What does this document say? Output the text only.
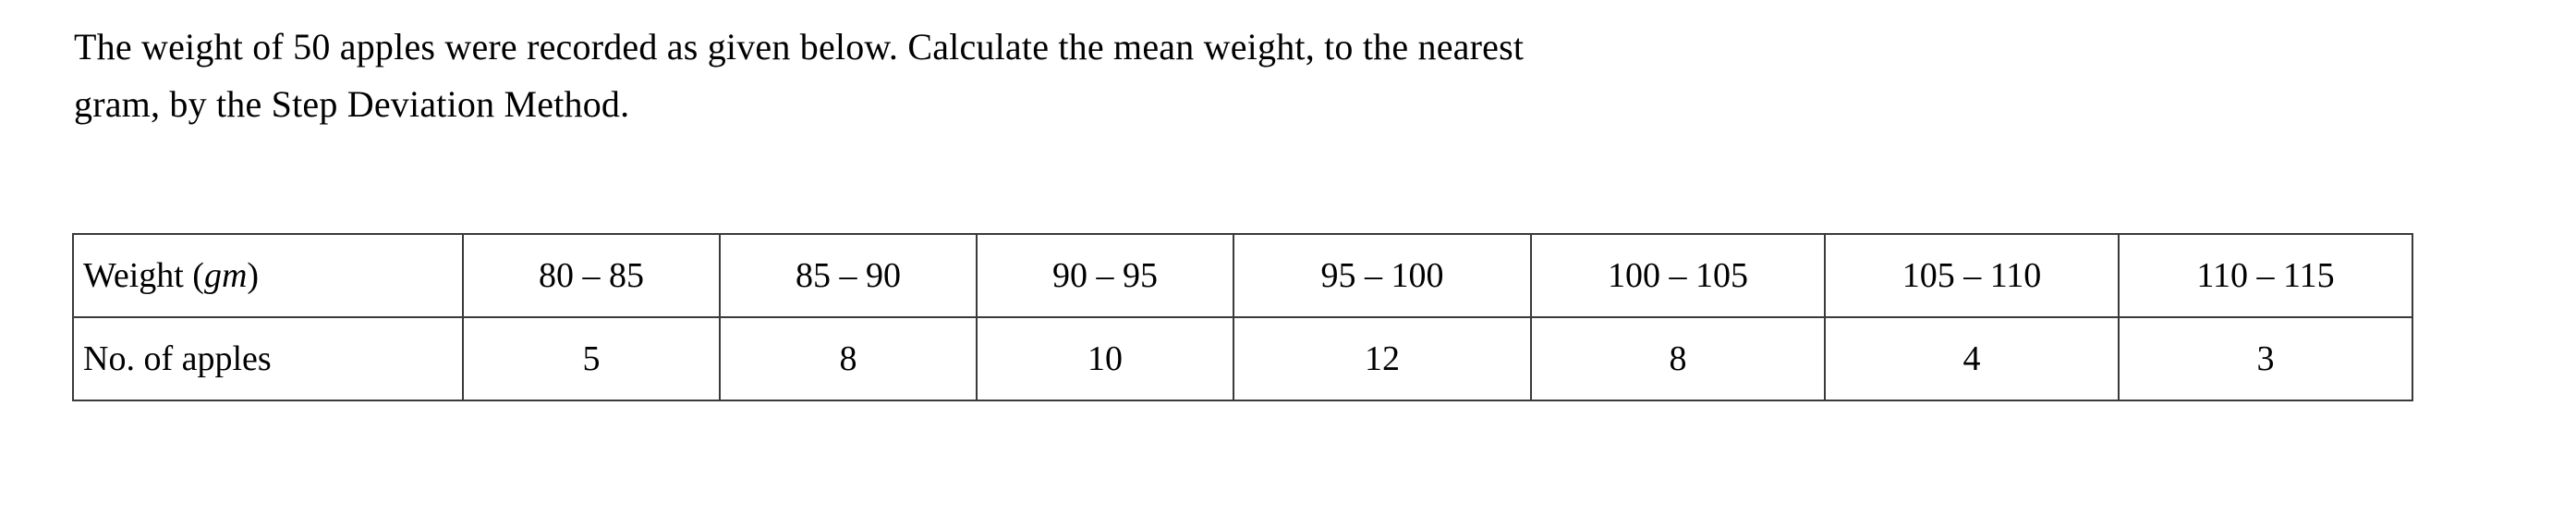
The weight of 50 apples were recorded as given below. Calculate the mean weight, to the nearest
gram, by the Step Deviation Method.
Weight (gm)	80 – 85	85 – 90	90 – 95	95 – 100	100 – 105	105 – 110	110 – 115
No. of apples	5	8	10	12	8	4	3
